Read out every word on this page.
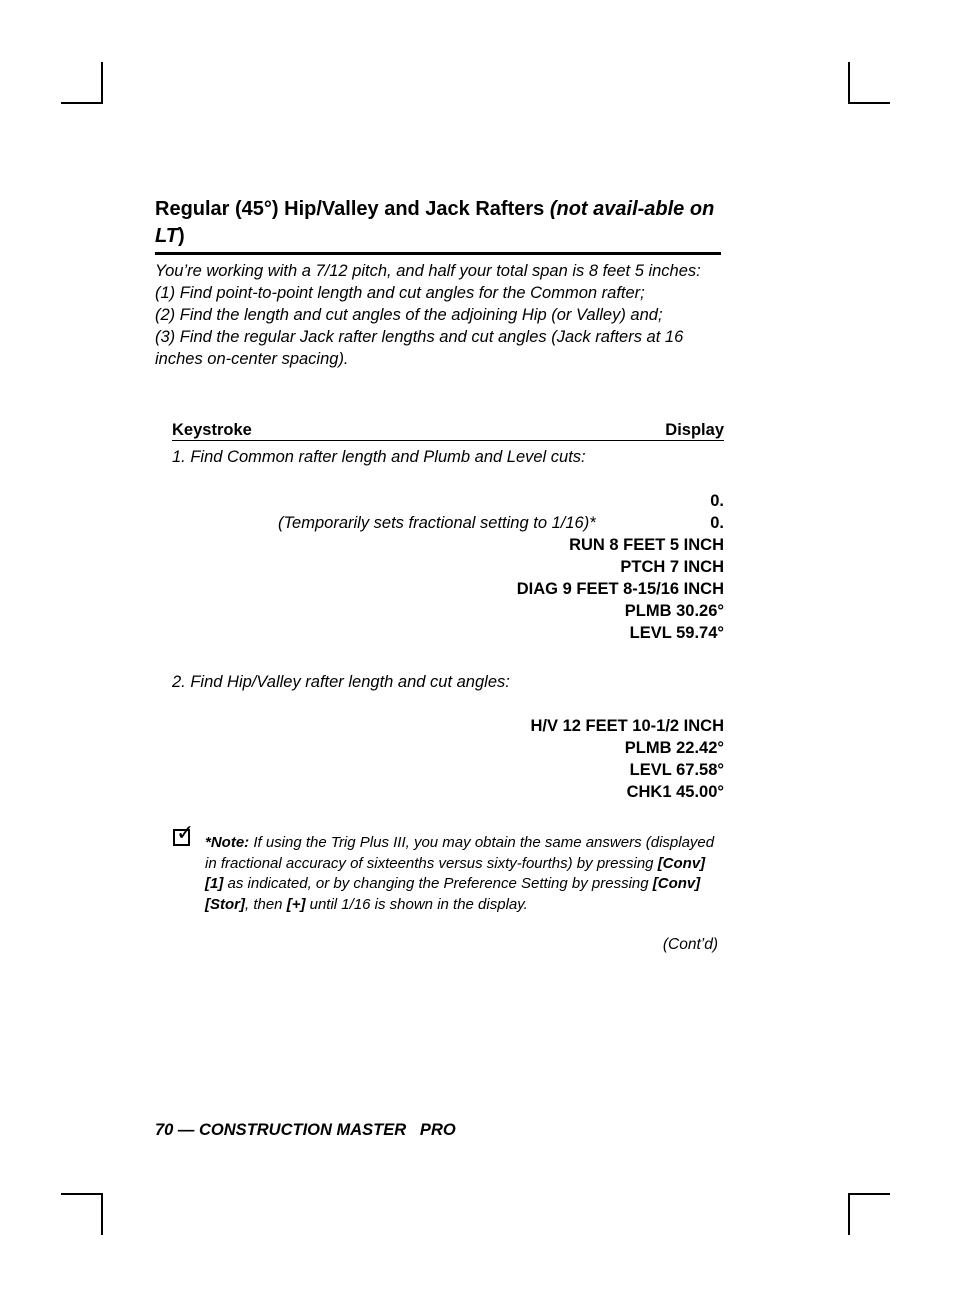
Regular (45°) Hip/Valley and Jack Rafters (not avail-able on LT)

You’re working with a 7/12 pitch, and half your total span is 8 feet 5 inches:

(1) Find point-to-point length and cut angles for the Common rafter;

(2) Find the length and cut angles of the adjoining Hip (or Valley) and;

(3) Find the regular Jack rafter lengths and cut angles (Jack rafters at 16 inches on-center spacing).

Keystroke	Display
1. Find Common rafter length and Plumb and Level cuts:
0.
(Temporarily sets fractional setting to 1/16)*	0.
RUN 8 FEET 5 INCH
PTCH 7 INCH
DIAG 9 FEET 8-15/16 INCH
PLMB 30.26°
LEVL 59.74°
2. Find Hip/Valley rafter length and cut angles:
H/V 12 FEET 10-1/2 INCH
PLMB 22.42°
LEVL 67.58°
CHK1 45.00°
✓ *Note: If using the Trig Plus III, you may obtain the same answers (displayed in fractional accuracy of sixteenths versus sixty-fourths) by pressing [Conv] [1] as indicated, or by changing the Preference Setting by pressing [Conv] [Stor], then [+] until 1/16 is shown in the display.
(Cont’d)
70 — CONSTRUCTION MASTER   PRO
